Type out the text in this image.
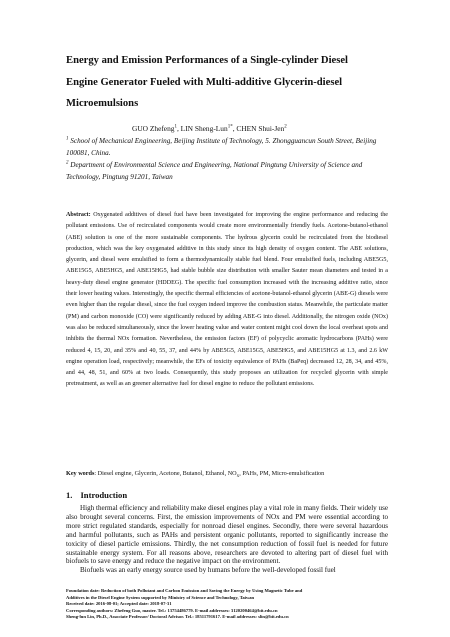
Energy and Emission Performances of a Single-cylinder Diesel
Engine Generator Fueled with Multi-additive Glycerin-diesel
Microemulsions
GUO Zhefeng$^1$, LIN Sheng-Lun$^{1*}$, CHEN Shui-Jen$^2$
$^1$ School of Mechanical Engineering, Beijing Institute of Technology, 5. Zhongguancun South Street, Beijing 100081, China.
$^2$ Department of Environmental Science and Engineering, National Pingtung University of Science and Technology, Pingtung 91201, Taiwan
Abstract: Oxygenated additives of diesel fuel have been investigated for improving the engine performance and reducing the pollutant emissions. Use of recirculated components would create more environmentally friendly fuels. Acetone-butanol-ethanol (ABE) solution is one of the more sustainable components. The hydrous glycerin could be recirculated from the biodiesel production, which was the key oxygenated additive in this study since its high density of oxygen content. The ABE solutions, glycerin, and diesel were emulsified to form a thermodynamically stable fuel blend. Four emulsified fuels, including ABE5G5, ABE15G5, ABE5HG5, and ABE15HG5, had stable bubble size distribution with smaller Sauter mean diameters and tested in a heavy-duty diesel engine generator (HDDEG). The specific fuel consumption increased with the increasing additive ratio, since their lower heating values. Interestingly, the specific thermal efficiencies of acetone-butanol-ethanol glycerin (ABE-G) diesels were even higher than the regular diesel, since the fuel oxygen indeed improve the combustion status. Meanwhile, the particulate matter (PM) and carbon monoxide (CO) were significantly reduced by adding ABE-G into diesel. Additionally, the nitrogen oxide (NOx) was also be reduced simultaneously, since the lower heating value and water content might cool down the local overheat spots and inhibits the thermal NOx formation. Nevertheless, the emission factors (EF) of polycyclic aromatic hydrocarbons (PAHs) were reduced 4, 15, 20, and 35% and 40, 55, 37, and 44% by ABE5G5, ABE15G5, ABE5HG5, and ABE15HG5 at 1.3, and 2.6 kW engine operation load, respectively; meanwhile, the EFs of toxicity equivalence of PAHs (BaPeq) decreased 12, 28, 34, and 45%, and 44, 48, 51, and 60% at two loads. Consequently, this study proposes an utilization for recycled glycerin with simple pretreatment, as well as an greener alternative fuel for diesel engine to reduce the pollutant emissions.
Key words: Diesel engine, Glycerin, Acetone, Butanol, Ethanol, $NO_x$, PAHs, PM, Micro-emulsification
1. Introduction

High thermal efficiency and reliability make diesel engines play a vital role in many fields. Their widely use also brought several concerns. First, the emission improvements of NOx and PM were essential according to more strict regulated standards, especially for nonroad diesel engines. Secondly, there were several hazardous and harmful pollutants, such as PAHs and persistent organic pollutants, reported to significantly increase the toxicity of diesel particle emissions. Thirdly, the net consumption reduction of fossil fuel is needed for future sustainable energy system. For all reasons above, researchers are devoted to altering part of diesel fuel with biofuels to save energy and reduce the negative impact on the environment.

Biofuels was an early energy source used by humans before the well-developed fossil fuel

Foundation date: Reduction of both Pollutant and Carbon Emission and Saving the Energy by Using Magnetic Tube and
Additives in the Diesel Engine System supported by Ministry of Science and Technology, Taiwan
Received date: 2016-08-01; Accepted date: 2018-07-31
Corresponding authors: Zhefeng Guo, master. Tel.: 13754486779. E-mail addresses: 3120200464@bit.edu.cn
Sheng-lun Lin, Ph.D., Associate Professor/ Doctoral Advisor. Tel.: 18511791617. E-mail addresses: slin@bit.edu.cn
